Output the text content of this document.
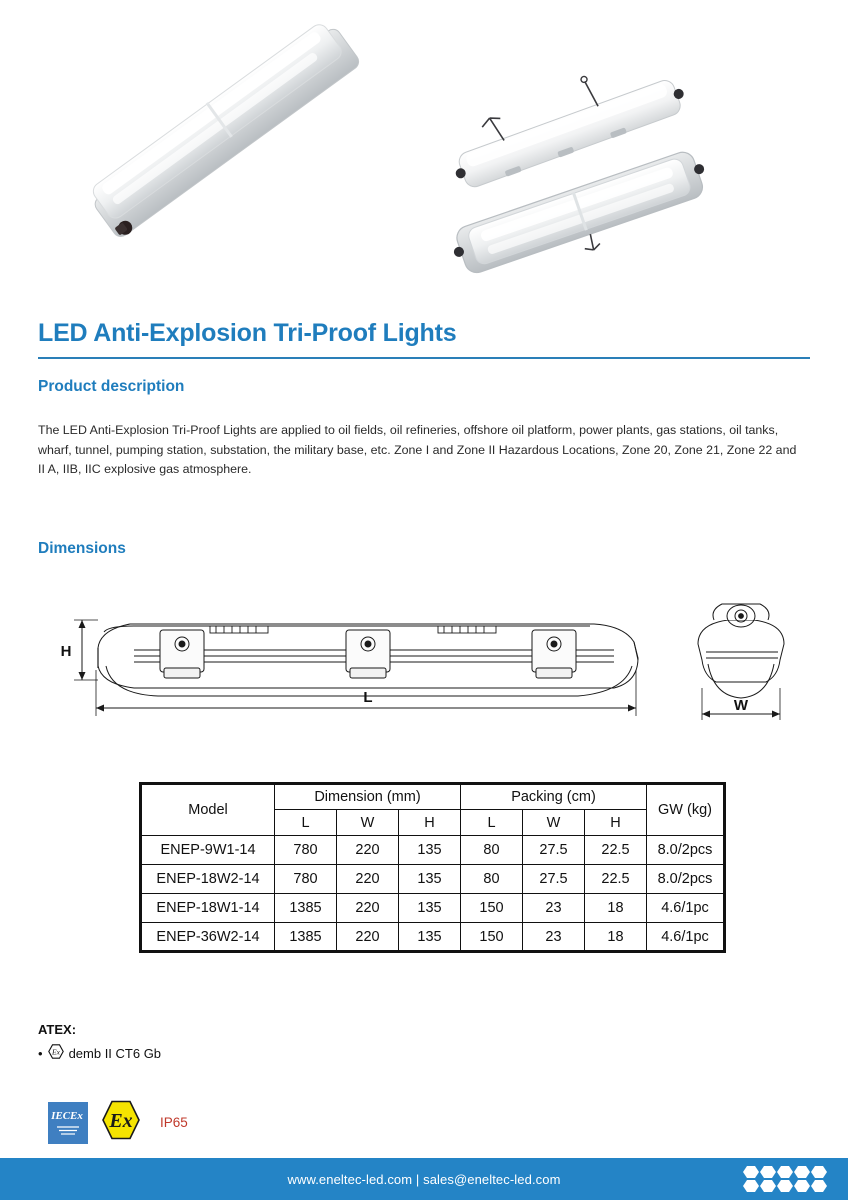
LED Anti-Explosion Tri-Proof Lights
Product description
The LED Anti-Explosion Tri-Proof Lights are applied to oil fields, oil refineries, offshore oil platform, power plants, gas stations, oil tanks, wharf, tunnel, pumping station, substation, the military base, etc. Zone I and Zone II Hazardous Locations, Zone 20, Zone 21, Zone 22 and II A, IIB, IIC explosive gas atmosphere.
Dimensions
H
L	W
Model	Dimension (mm)			Packing (cm)			GW (kg)
	L	W	H	L	W	H	
ENEP-9W1-14	780	220	135	80	27.5	22.5	8.0/2pcs
ENEP-18W2-14	780	220	135	80	27.5	22.5	8.0/2pcs
ENEP-18W1-14	1385	220	135	150	23	18	4.6/1pc
ENEP-36W2-14	1385	220	135	150	23	18	4.6/1pc
ATEX:
• Ex demb II CT6 Gb
IECEx Ex IP65
www.eneltec-led.com | sales@eneltec-led.com
